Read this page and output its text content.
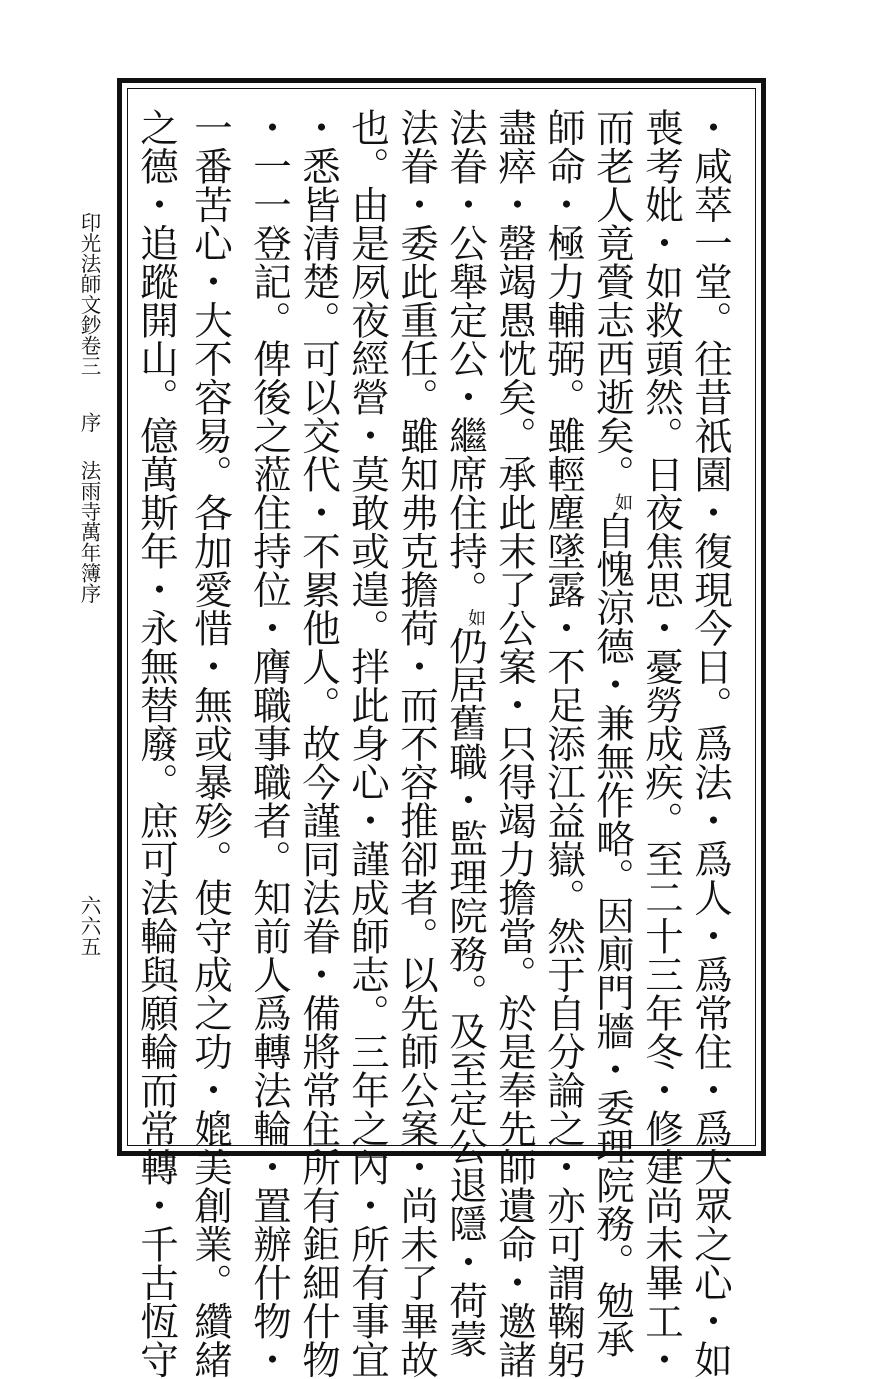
印光法師文鈔卷三
序
法雨寺萬年簿序
六六五	・咸萃一堂。往昔祇園・復現今日。爲法・爲人・爲常住・爲大眾之心・如
喪考妣・如救頭然。日夜焦思・憂勞成疾。至二十三年冬・修建尚未畢工・
而老人竟賫志西逝矣。如自愧涼德・兼無作略。因廁門牆・委理院務。勉承
師命・極力輔弼。雖輕塵墜露・不足添江益嶽。然于自分論之・亦可謂鞠躬
盡瘁・罄竭愚忱矣。承此末了公案・只得竭力擔當。於是奉先師遺命・邀諸
法眷・公舉定公・繼席住持。如仍居舊職・監理院務。及至定公退隱・荷蒙
法眷・委此重任。雖知弗克擔荷・而不容推卻者。以先師公案・尚未了畢故
也。由是夙夜經營・莫敢或遑。拌此身心・謹成師志。三年之內・所有事宜
・悉皆清楚。可以交代・不累他人。故今謹同法眷・備將常住所有鉅細什物
・一一登記。俾後之蒞住持位・膺職事職者。知前人爲轉法輪・置辦什物・
一番苦心・大不容易。各加愛惜・無或暴殄。使守成之功・媲美創業。纘緒
之德・追蹤開山。億萬斯年・永無替廢。庶可法輪與願輪而常轉・千古恆守
